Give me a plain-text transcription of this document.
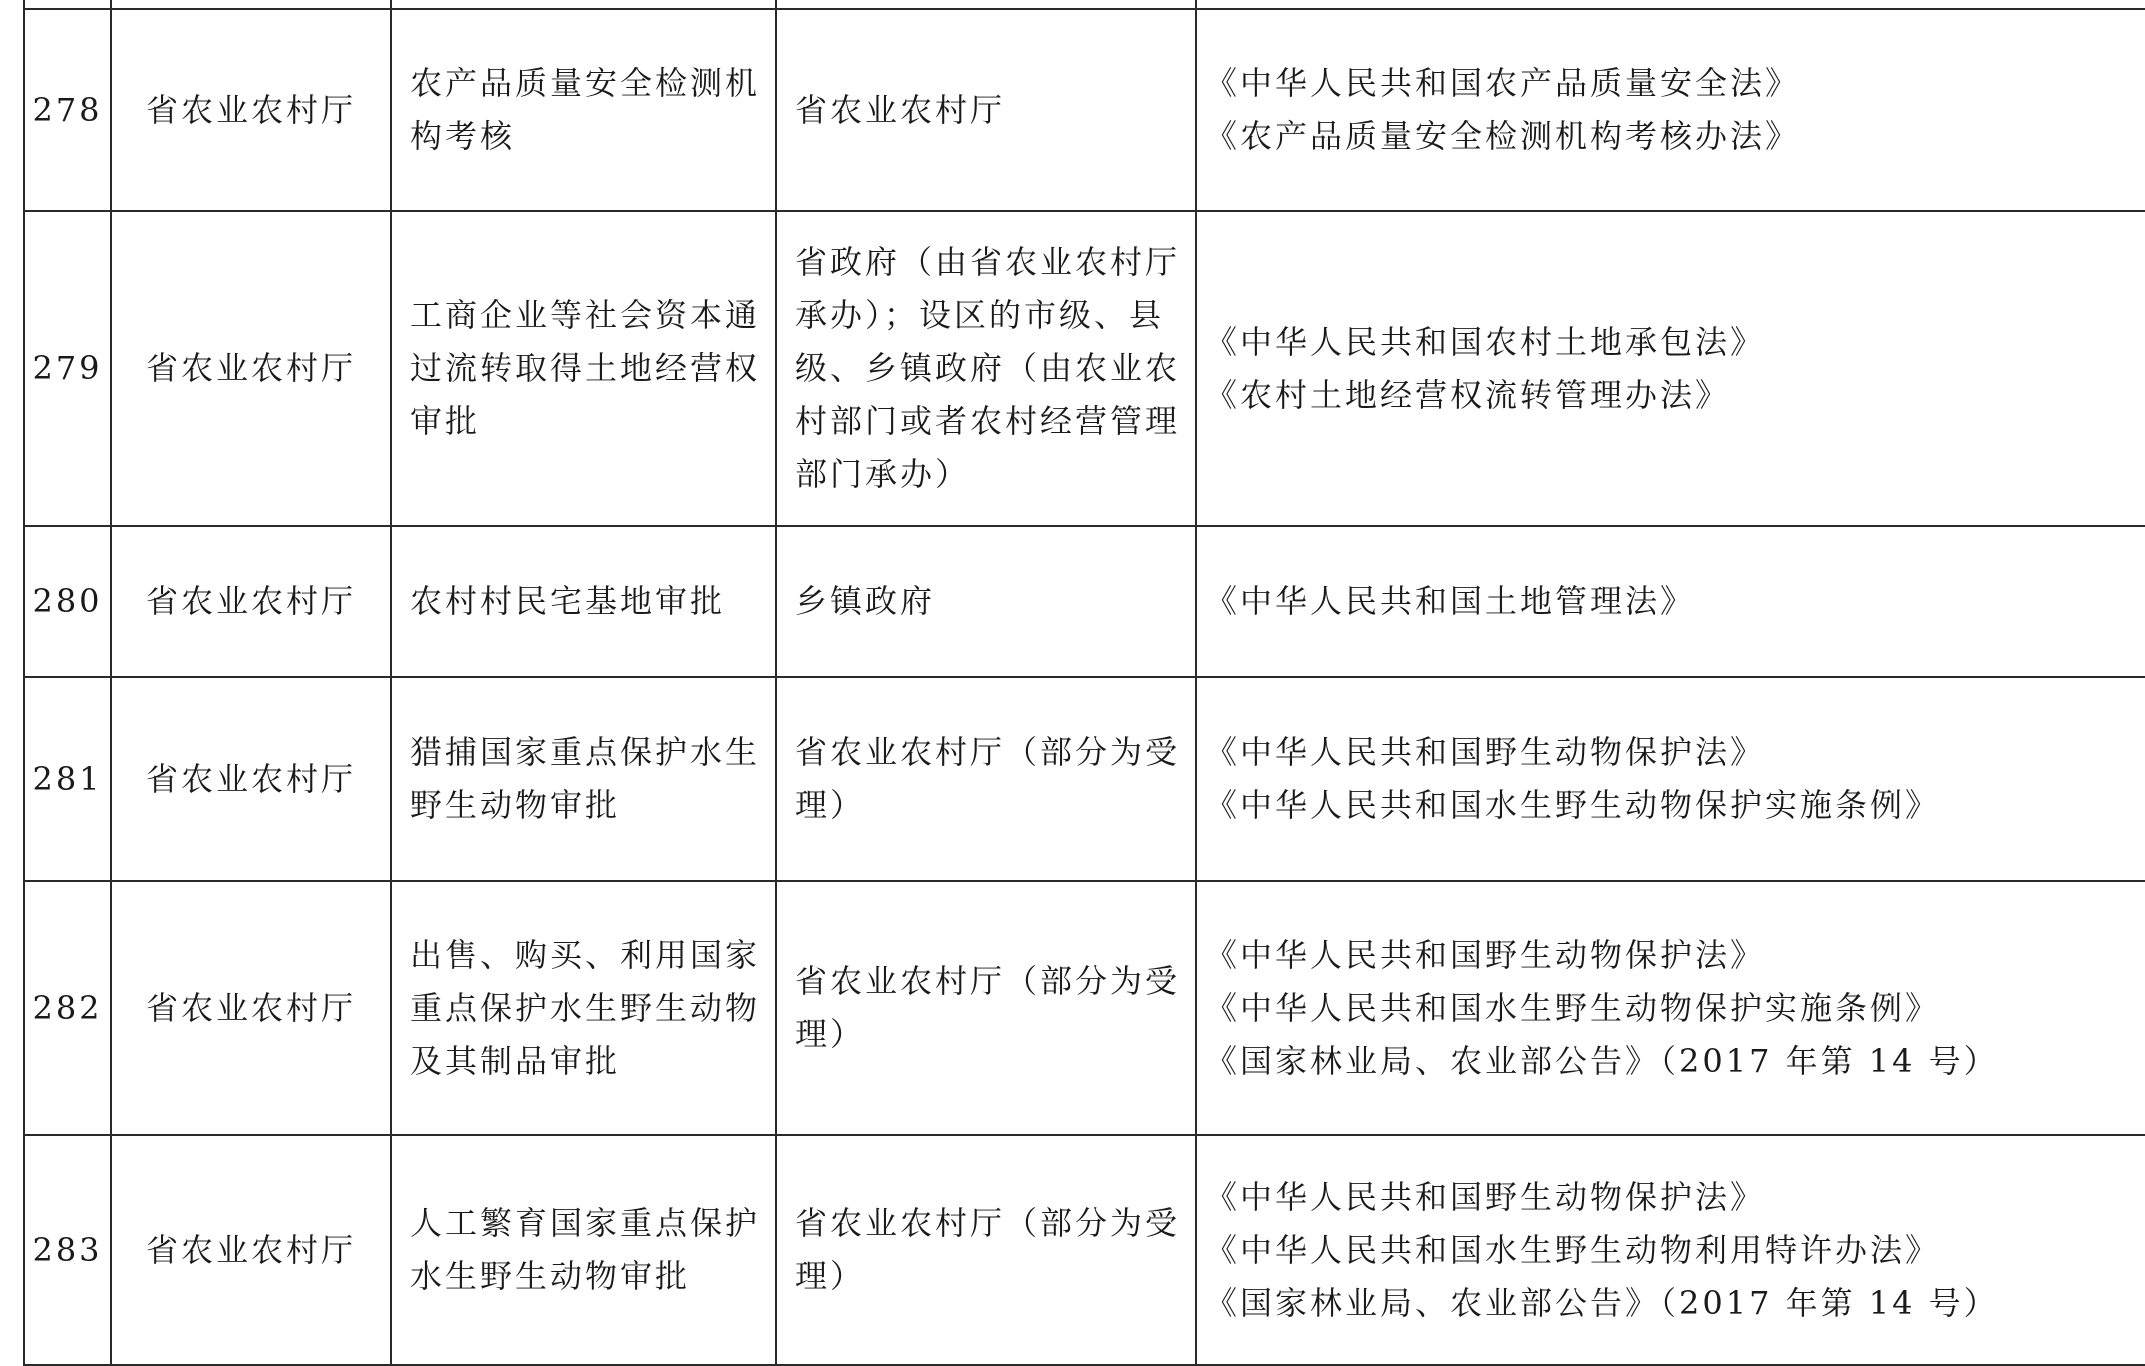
278	省农业农村厅	农产品质量安全检测机
构考核	省农业农村厅	《中华人民共和国农产品质量安全法》
《农产品质量安全检测机构考核办法》

279	省农业农村厅	工商企业等社会资本通
过流转取得土地经营权
审批	省政府（由省农业农村厅
承办）；设区的市级、县
级、乡镇政府（由农业农
村部门或者农村经营管理
部门承办）	《中华人民共和国农村土地承包法》
《农村土地经营权流转管理办法》

280	省农业农村厅	农村村民宅基地审批	乡镇政府	《中华人民共和国土地管理法》

281	省农业农村厅	猎捕国家重点保护水生
野生动物审批	省农业农村厅（部分为受
理）	《中华人民共和国野生动物保护法》
《中华人民共和国水生野生动物保护实施条例》

282	省农业农村厅	出售、购买、利用国家
重点保护水生野生动物
及其制品审批	省农业农村厅（部分为受
理）	《中华人民共和国野生动物保护法》
《中华人民共和国水生野生动物保护实施条例》
《国家林业局、农业部公告》（2017 年第 14 号）

283	省农业农村厅	人工繁育国家重点保护
水生野生动物审批	省农业农村厅（部分为受
理）	《中华人民共和国野生动物保护法》
《中华人民共和国水生野生动物利用特许办法》
《国家林业局、农业部公告》（2017 年第 14 号）
